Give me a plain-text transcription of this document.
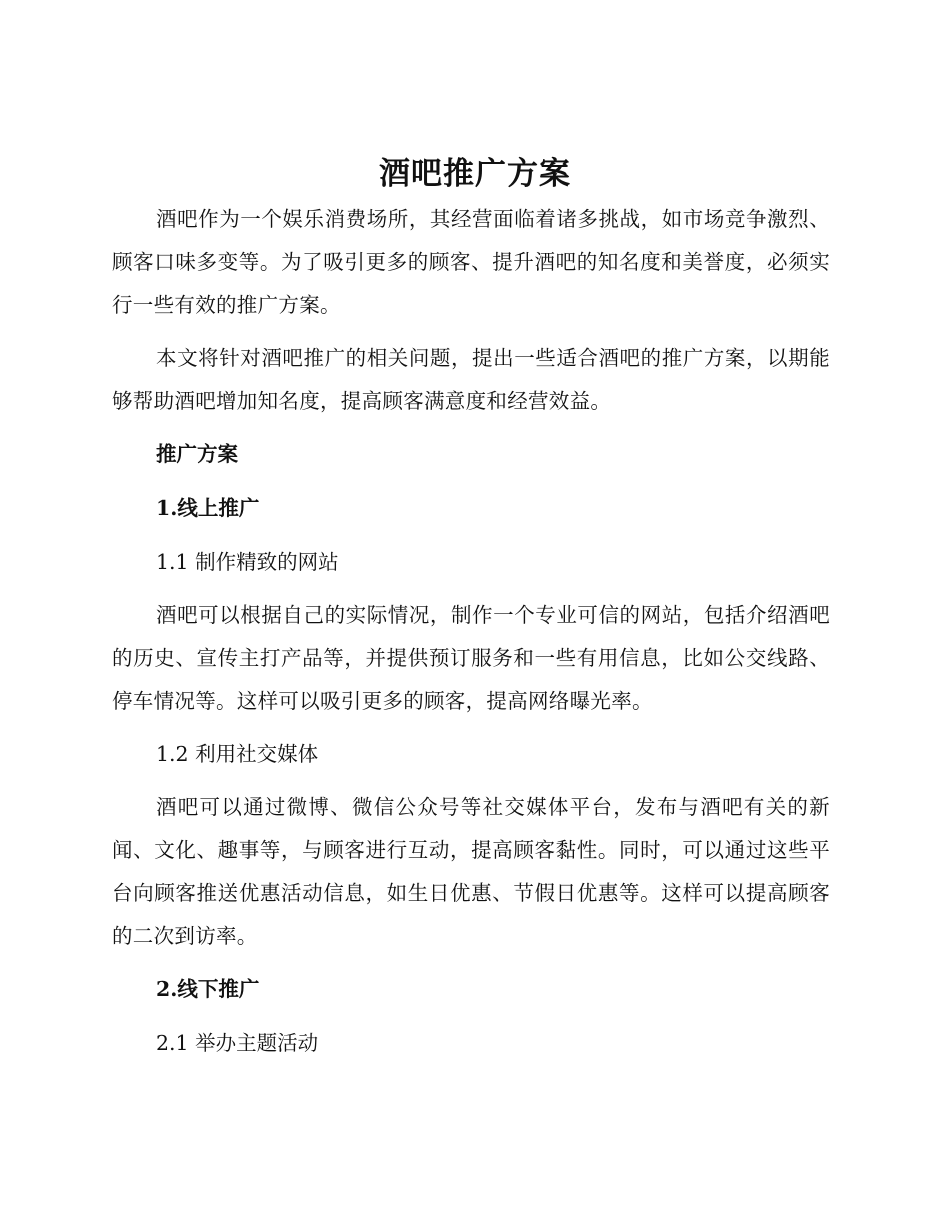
酒吧推广方案

酒吧作为一个娱乐消费场所，其经营面临着诸多挑战，如市场竞争激烈、顾客口味多变等。为了吸引更多的顾客、提升酒吧的知名度和美誉度，必须实行一些有效的推广方案。

本文将针对酒吧推广的相关问题，提出一些适合酒吧的推广方案，以期能够帮助酒吧增加知名度，提高顾客满意度和经营效益。

推广方案

1.线上推广

1.1 制作精致的网站

酒吧可以根据自己的实际情况，制作一个专业可信的网站，包括介绍酒吧的历史、宣传主打产品等，并提供预订服务和一些有用信息，比如公交线路、停车情况等。这样可以吸引更多的顾客，提高网络曝光率。

1.2 利用社交媒体

酒吧可以通过微博、微信公众号等社交媒体平台，发布与酒吧有关的新闻、文化、趣事等，与顾客进行互动，提高顾客黏性。同时，可以通过这些平台向顾客推送优惠活动信息，如生日优惠、节假日优惠等。这样可以提高顾客的二次到访率。

2.线下推广

2.1 举办主题活动
